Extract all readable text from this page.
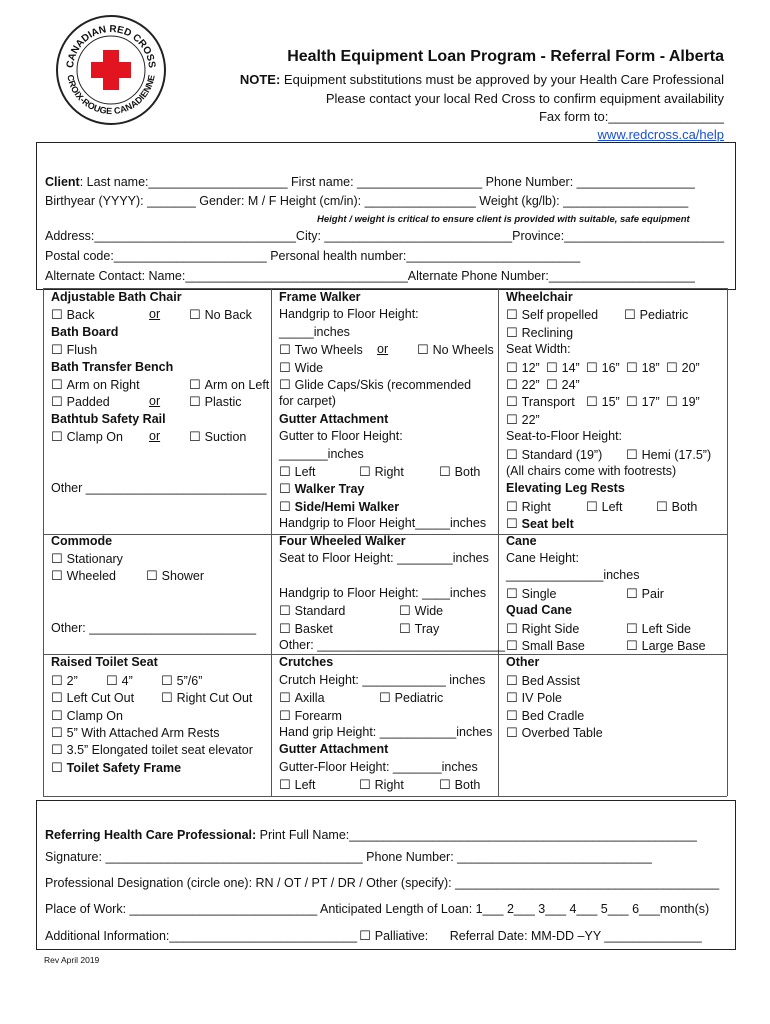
CANADIAN RED CROSS
CROIX-ROUGE CANADIENNE
Health Equipment Loan Program - Referral Form - Alberta
NOTE: Equipment substitutions must be approved by your Health Care Professional
Please contact your local Red Cross to confirm equipment availability
Fax form to:________________
www.redcross.ca/help
Client: Last name:____________________ First name: __________________ Phone Number: _________________
Birthyear (YYYY): _______ Gender: M / F Height (cm/in): ________________ Weight (kg/lb): __________________
Height / weight is critical to ensure client is provided with suitable, safe equipment
Address:_____________________________City: ___________________________Province:_______________________
Postal code:______________________ Personal health number:_________________________
Alternate Contact: Name:________________________________Alternate Phone Number:_____________________
Adjustable Bath Chair
☐ Back	or	☐ No Back
Bath Board
☐ Flush
Bath Transfer Bench
☐ Arm on Right	☐ Arm on Left
☐ Padded	or	☐ Plastic
Bathtub Safety Rail
☐ Clamp On or	☐ Suction
Other __________________________
Commode
☐ Stationary
☐ Wheeled	☐ Shower
Other: ________________________
Raised Toilet Seat
☐ 2”	☐ 4”	☐ 5”/6”
☐ Left Cut Out	☐ Right Cut Out
☐ Clamp On
☐ 5” With Attached Arm Rests
☐ 3.5” Elongated toilet seat elevator
☐ Toilet Safety Frame
Frame Walker
Handgrip to Floor Height:
_____inches
☐ Two Wheels or	☐ No Wheels
☐ Wide
☐ Glide Caps/Skis (recommended
for carpet)
Gutter Attachment
Gutter to Floor Height:
_______inches
☐ Left	☐ Right	☐ Both
☐ Walker Tray
☐ Side/Hemi Walker
Handgrip to Floor Height_____inches
Four Wheeled Walker
Seat to Floor Height: ________inches
Handgrip to Floor Height: ____inches
☐ Standard	☐ Wide
☐ Basket	☐ Tray
Other: ___________________________
Crutches
Crutch Height: ____________ inches
☐ Axilla	☐ Pediatric
☐ Forearm
Hand grip Height: ___________inches
Gutter Attachment
Gutter-Floor Height: _______inches
☐ Left	☐ Right	☐ Both
Wheelchair
☐ Self propelled	☐ Pediatric
☐ Reclining
Seat Width:
☐ 12”	☐ 14”	☐ 16”	☐ 18”	☐ 20”
☐ 22”	☐ 24”
☐ Transport	☐ 15”	☐ 17”	☐ 19”
☐ 22”
Seat-to-Floor Height:
☐ Standard (19”)	☐ Hemi (17.5”)
(All chairs come with footrests)
Elevating Leg Rests
☐ Right	☐ Left	☐ Both
☐ Seat belt
Cane
Cane Height:
______________inches
☐ Single	☐ Pair
Quad Cane
☐ Right Side	☐ Left Side
☐ Small Base	☐ Large Base
Other
☐ Bed Assist
☐ IV Pole
☐ Bed Cradle
☐ Overbed Table
Referring Health Care Professional: Print Full Name:__________________________________________________
Signature: _____________________________________ Phone Number: ____________________________
Professional Designation (circle one): RN / OT / PT / DR / Other (specify): ______________________________________
Place of Work: ___________________________ Anticipated Length of Loan: 1___ 2___ 3___ 4___ 5___ 6___month(s)
Additional Information:___________________________ ☐ Palliative: Referral Date: MM-DD –YY ______________
Rev April 2019
